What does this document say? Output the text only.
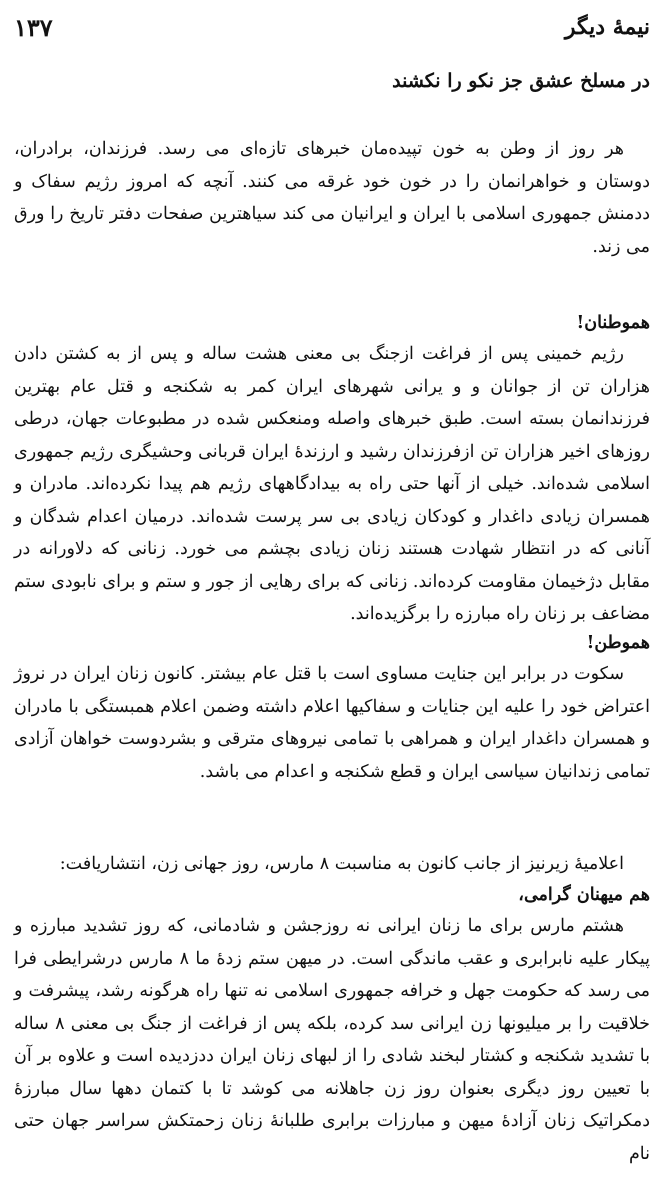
نیمهٔ دیگر
۱۳۷
در مسلخ عشق جز نکو را نکشند

هر روز از وطن به خون تپیده‌مان خبرهای تازه‌ای می رسد. فرزندان، برادران، دوستان و خواهرانمان را در خون خود غرقه می کنند. آنچه که امروز رژیم سفاک و ددمنش جمهوری اسلامی با ایران و ایرانیان می کند سیاهترین صفحات دفتر تاریخ را ورق می زند.

هموطنان!

رژیم خمینی پس از فراغت ازجنگ بی معنی هشت ساله و پس از به کشتن دادن هزاران تن از جوانان و و یرانی شهرهای ایران کمر به شکنجه و قتل عام بهترین فرزندانمان بسته است. طبق خبرهای واصله ومنعکس شده در مطبوعات جهان، درطی روزهای اخیر هزاران تن ازفرزندان رشید و ارزندهٔ ایران قربانی وحشیگری رژیم جمهوری اسلامی شده‌اند. خیلی از آنها حتی راه به بیدادگاههای رژیم هم پیدا نکرده‌اند. مادران و همسران زیادی داغدار و کودکان زیادی بی سر پرست شده‌اند. درمیان اعدام شدگان و آنانی که در انتظار شهادت هستند زنان زیادی بچشم می خورد. زنانی که دلاورانه در مقابل دژخیمان مقاومت کرده‌اند. زنانی که برای رهایی از جور و ستم و برای نابودی ستم مضاعف بر زنان راه مبارزه را برگزیده‌اند.

هموطن!

سکوت در برابر این جنایت مساوی است با قتل عام بیشتر. کانون زنان ایران در نروژ اعتراض خود را علیه این جنایات و سفاکیها اعلام داشته وضمن اعلام همبستگی با مادران و همسران داغدار ایران و همراهی با تمامی نیروهای مترقی و بشردوست خواهان آزادی تمامی زندانیان سیاسی ایران و قطع شکنجه و اعدام می باشد.

اعلامیهٔ زیرنیز از جانب کانون به مناسبت ۸ مارس، روز جهانی زن، انتشاریافت:

هم میهنان گرامی،

هشتم مارس برای ما زنان ایرانی نه روزجشن و شادمانی، که روز تشدید مبارزه و پیکار علیه نابرابری و عقب ماندگی است. در میهن ستم زدهٔ ما ۸ مارس درشرایطی فرا می رسد که حکومت جهل و خرافه جمهوری اسلامی نه تنها راه هرگونه رشد، پیشرفت و خلاقیت را بر میلیونها زن ایرانی سد کرده، بلکه پس از فراغت از جنگ بی معنی ۸ ساله با تشدید شکنجه و کشتار لبخند شادی را از لبهای زنان ایران ددزدیده است و علاوه بر آن با تعیین روز دیگری بعنوان روز زن جاهلانه می کوشد تا با کتمان دهها سال مبارزهٔ دمکراتیک زنان آزادهٔ میهن و مبارزات برابری طلبانهٔ زنان زحمتکش سراسر جهان حتی نام
